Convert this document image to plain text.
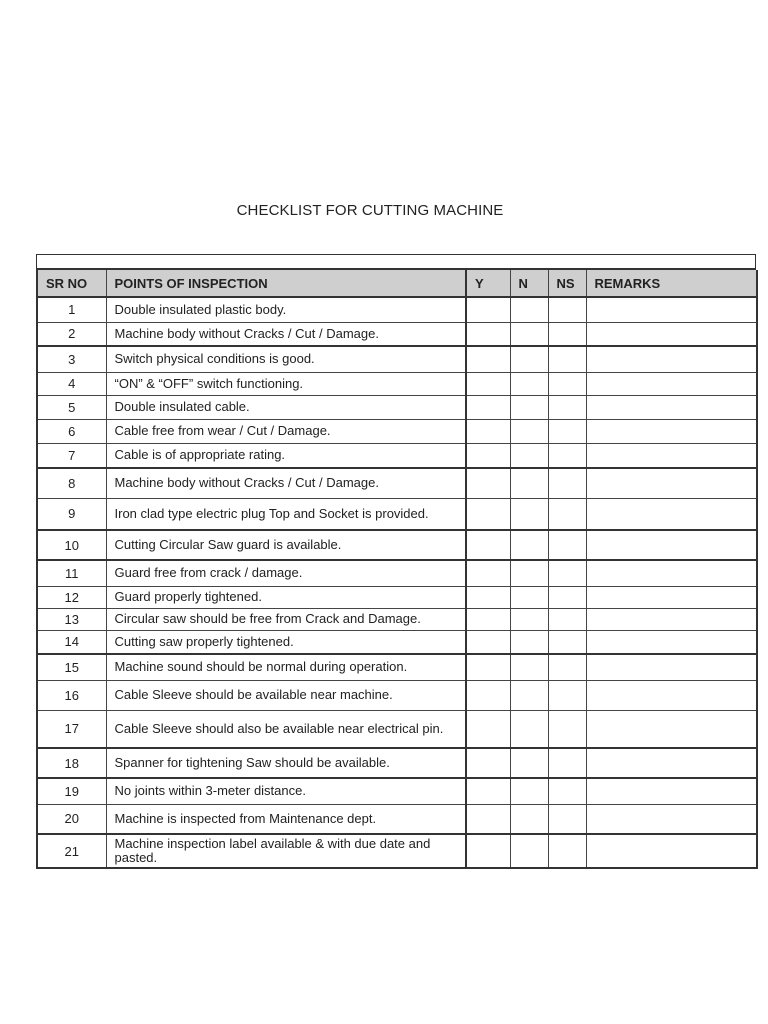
CHECKLIST FOR CUTTING MACHINE
SR NO	POINTS OF INSPECTION	Y	N	NS	REMARKS
1	Double insulated plastic body.				
2	Machine body without Cracks / Cut / Damage.				
3	Switch physical conditions is good.				
4	“ON” & “OFF” switch functioning.				
5	Double insulated cable.				
6	Cable free from wear / Cut / Damage.				
7	Cable is of appropriate rating.				
8	Machine body without Cracks / Cut / Damage.				
9	Iron clad type electric plug Top and Socket is provided.				
10	Cutting Circular Saw guard is available.				
11	Guard free from crack / damage.				
12	Guard properly tightened.				
13	Circular saw should be free from Crack and Damage.				
14	Cutting saw properly tightened.				
15	Machine sound should be normal during operation.				
16	Cable Sleeve should be available near machine.				
17	Cable Sleeve should also be available near electrical pin.				
18	Spanner for tightening Saw should be available.				
19	No joints within 3-meter distance.				
20	Machine is inspected from Maintenance dept.				
21	Machine inspection label available & with due date and pasted.				
